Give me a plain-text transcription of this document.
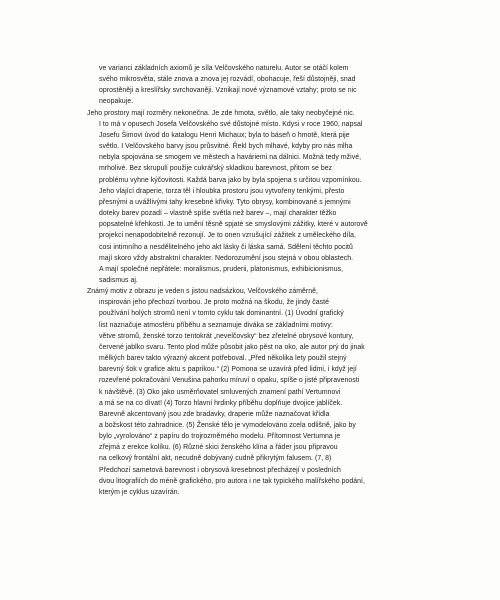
ve varianci základních axiomů je síla Velčovského naturelu. Autor se otáčí kolem
svého mikrosvěta, stále znova a znova jej rozvádí, obohacuje, řeší důstojněji, snad
oprostěněji a kreslířsky svrchovaněji. Vznikají nové významové vztahy; proto se nic
neopakuje.
Jeho prostory mají rozměry nekonečna. Je zde hmota, světlo, ale taky neobyčejné nic.
I to má v opusech Josefa Velčovského své důstojné místo. Kdysi v roce 1960, napsal
Josefu Šimovi úvod do katalogu Henri Michaux; byla to báseň o hmotě, která pije
světlo. I Velčovského barvy jsou průsvitné. Řekl bych mlhavé, kdyby pro nás mlha
nebyla spojována se smogem ve městech a haváriemi na dálnici. Možná tedy mživé,
mrholivé. Bez skrupulí použije cukrářský skladkou barevnost, přitom se bez
problému vyhne kýčovitosti. Každá barva jako by byla spojena s určitou vzpomínkou.
Jeho vlající draperie, torza těl i hloubka prostoru jsou vytvořeny tenkými, přesto
přesnými a uvážlivými tahy kresebné křivky. Tyto obrysy, kombinované s jemnými
doteky barev pozadí – vlastně spíše světla než barev –, mají charakter těžko
popsatelné křehkosti. Je to umění těsně spjaté se smyslovými zážitky, které v autorově
projekci nenapodobitelně rezonují. Je to onen vzrušující zážitek z uměleckého díla,
cosi intimního a nesdělitelného jeho akt lásky či láska samá. Sdělení těchto pocitů
mají skoro vždy abstraktní charakter. Nedorozumění jsou stejná v obou oblastech.
A mají společné nepřátele: moralismus, pruderii, platonismus, exhibicionismus,
sadismus aj.
Známý motiv z obrazu je veden s jistou nadsázkou, Velčovského záměrně,
inspirován jeho přechozí tvorbou. Je proto možná na škodu, že jindy časté
používání holých stromů není v tomto cyklu tak dominantní. (1) Úvodní grafický
list naznačuje atmosféru příběhu a seznamuje diváka se základními motivy:
větve stromů, ženské torzo tentokrát „nevelčovsky“ bez zřetelné obrysové kontury,
červené jablko svaru. Tento plod může působit jako pěst na oko, ale autor prý do jinak
mělkých barev takto výrazný akcent potřeboval. „Před několika lety použil stejný
barevný šok v grafice aktu s paprikou.“ (2) Pomona se uzavírá před lidmi, i když její
rozevřené pokračování Venušina pahorku míruví o opaku, spíše o jisté připravenosti
k návštěvě. (3) Oko jako usměrňovatel smluvených znamení pathí Vertumnovi
a má se na co dívat! (4) Torzo hlavní hrdinky příběhu doplňuje dvojice jablíček.
Barevně akcentovaný jsou zde bradavky, draperie může naznačovat křídla
a božskost této zahradnice. (5) Ženské tělo je vymodelováno zcela odlišně, jako by
bylo „vyrolováno“ z papíru do trojrozměrného modelu. Přítomnost Vertumna je
zřejmá z erekce kolíku. (6) Různé skici ženského klína a řáder jsou připravou
na celkový frontální akt, necudně dobývaný cudně přikrytým falusem. (7, 8)
Předchozí sametová barevnost i obrysová kresebnost přecházejí v posledních
dvou litografiích do méně grafického, pro autora i ne tak typického malířského podání,
kterým je cyklus uzavírán.
